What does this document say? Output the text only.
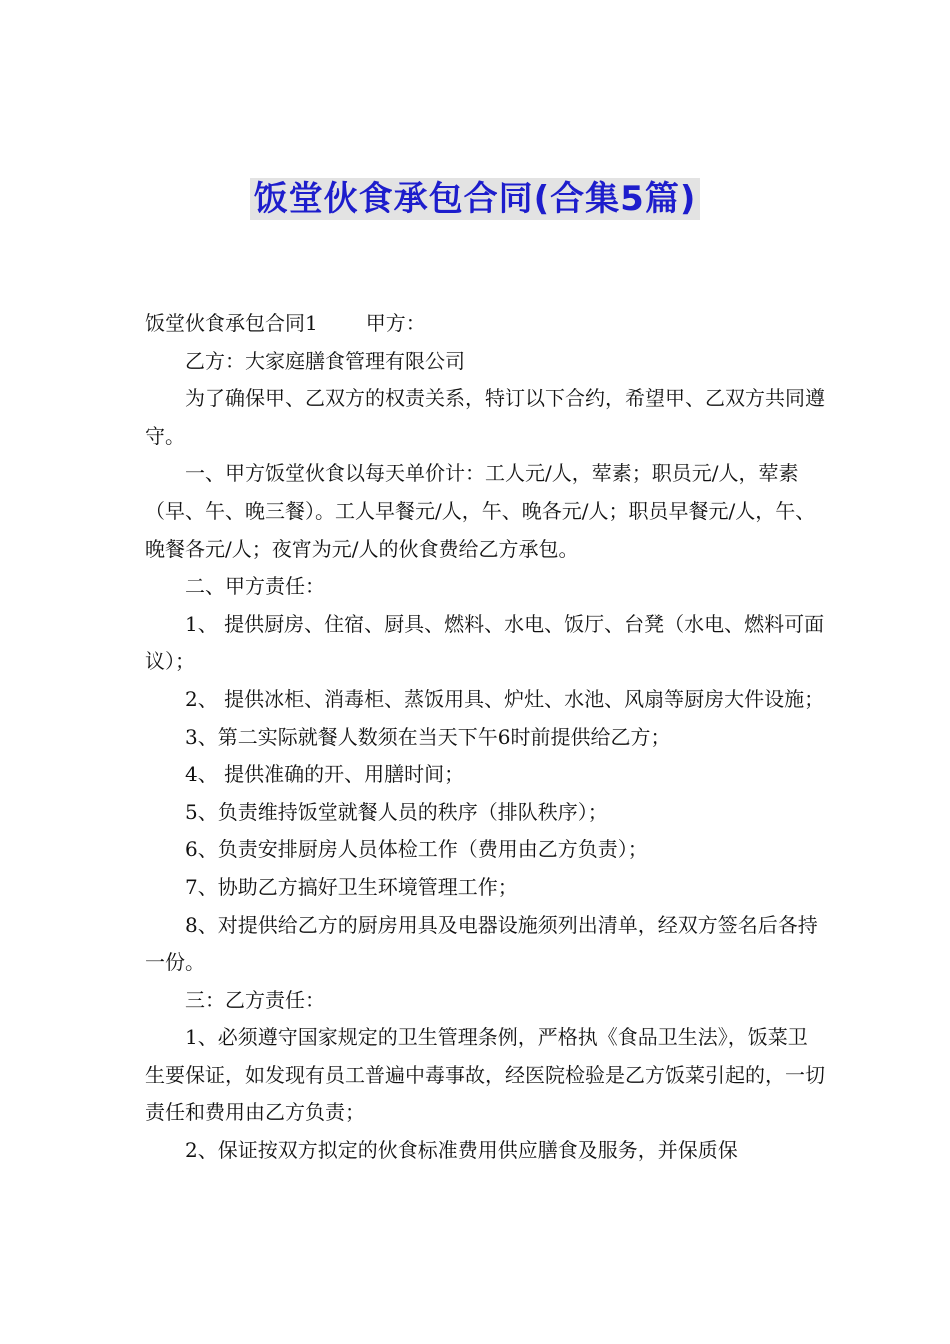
饭堂伙食承包合同(合集5篇)

饭堂伙食承包合同1 甲方：

乙方：大家庭膳食管理有限公司

为了确保甲、乙双方的权责关系，特订以下合约，希望甲、乙双方共同遵守。

一、甲方饭堂伙食以每天单价计：工人元/人，荤素；职员元/人，荤素（早、午、晚三餐）。工人早餐元/人，午、晚各元/人；职员早餐元/人，午、晚餐各元/人；夜宵为元/人的伙食费给乙方承包。

二、甲方责任：

1、 提供厨房、住宿、厨具、燃料、水电、饭厅、台凳（水电、燃料可面议）；

2、 提供冰柜、消毒柜、蒸饭用具、炉灶、水池、风扇等厨房大件设施；

3、第二实际就餐人数须在当天下午6时前提供给乙方；

4、 提供准确的开、用膳时间；

5、负责维持饭堂就餐人员的秩序（排队秩序）；

6、负责安排厨房人员体检工作（费用由乙方负责）；

7、协助乙方搞好卫生环境管理工作；

8、对提供给乙方的厨房用具及电器设施须列出清单，经双方签名后各持一份。

三：乙方责任：

1、必须遵守国家规定的卫生管理条例，严格执《食品卫生法》，饭菜卫生要保证，如发现有员工普遍中毒事故，经医院检验是乙方饭菜引起的，一切责任和费用由乙方负责；

2、保证按双方拟定的伙食标准费用供应膳食及服务，并保质保
